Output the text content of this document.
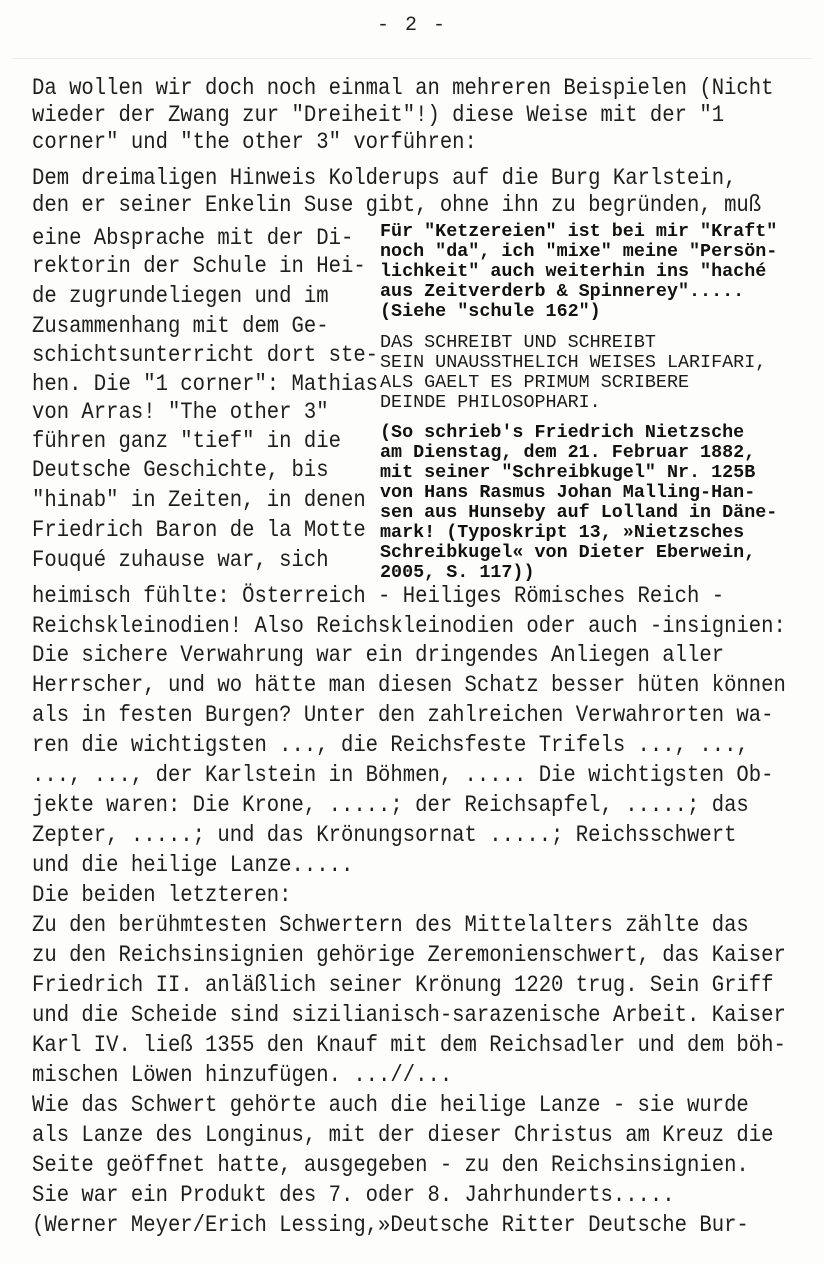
- 2 -
Da wollen wir doch noch einmal an mehreren Beispielen (Nicht
wieder der Zwang zur "Dreiheit"!) diese Weise mit der "1
corner" und "the other 3" vorführen:
Dem dreimaligen Hinweis Kolderups auf die Burg Karlstein,
den er seiner Enkelin Suse gibt, ohne ihn zu begründen, muß
eine Absprache mit der Di-
rektorin der Schule in Hei-
de zugrundeliegen und im
Zusammenhang mit dem Ge-
schichtsunterricht dort ste-
hen. Die "1 corner": Mathias
von Arras! "The other 3"
führen ganz "tief" in die
Deutsche Geschichte, bis
"hinab" in Zeiten, in denen
Friedrich Baron de la Motte
Fouqué zuhause war, sich
Für "Ketzereien" ist bei mir "Kraft"
noch "da", ich "mixe" meine "Persön-
lichkeit" auch weiterhin ins "haché
aus Zeitverderb & Spinnerey".....
(Siehe "schule 162")
DAS SCHREIBT UND SCHREIBT
SEIN UNAUSSTHELICH WEISES LARIFARI,
ALS GAELT ES PRIMUM SCRIBERE
DEINDE PHILOSOPHARI.
(So schrieb's Friedrich Nietzsche
am Dienstag, dem 21. Februar 1882,
mit seiner "Schreibkugel" Nr. 125B
von Hans Rasmus Johan Malling-Han-
sen aus Hunseby auf Lolland in Däne-
mark! (Typoskript 13, »Nietzsches
Schreibkugel« von Dieter Eberwein,
2005, S. 117))
heimisch fühlte: Österreich - Heiliges Römisches Reich -
Reichskleinodien! Also Reichskleinodien oder auch -insignien:
Die sichere Verwahrung war ein dringendes Anliegen aller
Herrscher, und wo hätte man diesen Schatz besser hüten können
als in festen Burgen? Unter den zahlreichen Verwahrorten wa-
ren die wichtigsten ..., die Reichsfeste Trifels ..., ...,
..., ..., der Karlstein in Böhmen, ..... Die wichtigsten Ob-
jekte waren: Die Krone, .....; der Reichsapfel, .....; das
Zepter, .....; und das Krönungsornat .....; Reichsschwert
und die heilige Lanze.....
Die beiden letzteren:
Zu den berühmtesten Schwertern des Mittelalters zählte das
zu den Reichsinsignien gehörige Zeremonienschwert, das Kaiser
Friedrich II. anläßlich seiner Krönung 1220 trug. Sein Griff
und die Scheide sind sizilianisch-sarazenische Arbeit. Kaiser
Karl IV. ließ 1355 den Knauf mit dem Reichsadler und dem böh-
mischen Löwen hinzufügen. ...//...
Wie das Schwert gehörte auch die heilige Lanze - sie wurde
als Lanze des Longinus, mit der dieser Christus am Kreuz die
Seite geöffnet hatte, ausgegeben - zu den Reichsinsignien.
Sie war ein Produkt des 7. oder 8. Jahrhunderts.....
(Werner Meyer/Erich Lessing,»Deutsche Ritter Deutsche Bur-
